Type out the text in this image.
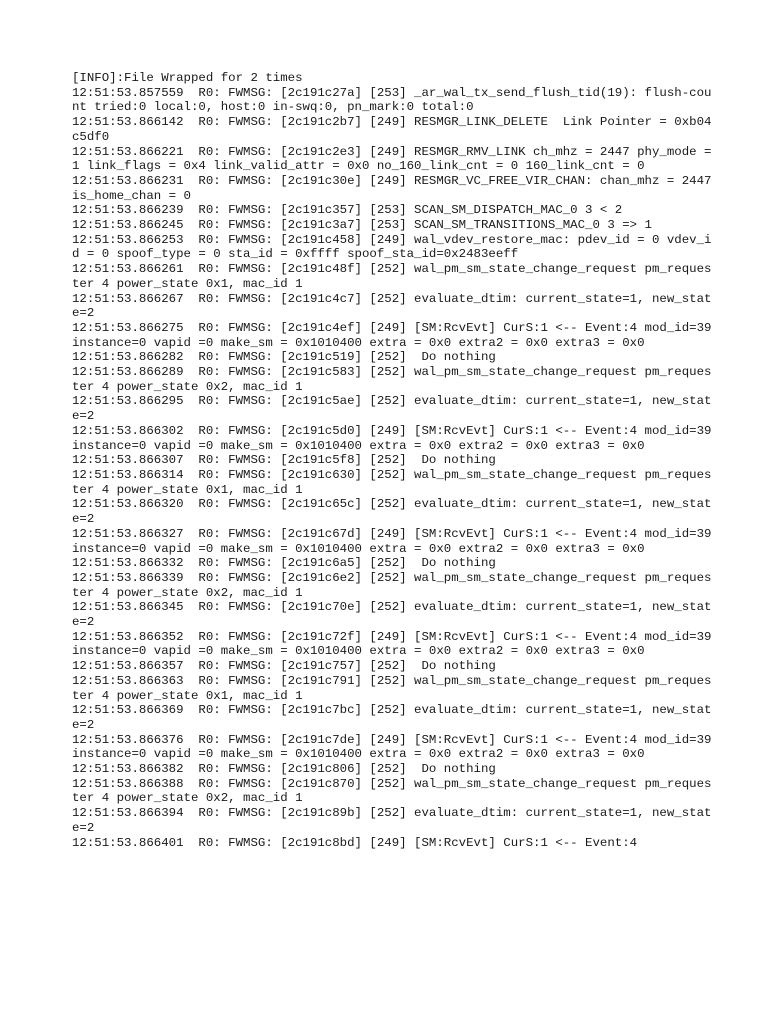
[INFO]:File Wrapped for 2 times
12:51:53.857559  R0: FWMSG: [2c191c27a] [253] _ar_wal_tx_send_flush_tid(19): flush-count tried:0 local:0, host:0 in-swq:0, pn_mark:0 total:0
12:51:53.866142  R0: FWMSG: [2c191c2b7] [249] RESMGR_LINK_DELETE  Link Pointer = 0xb04c5df0
12:51:53.866221  R0: FWMSG: [2c191c2e3] [249] RESMGR_RMV_LINK ch_mhz = 2447 phy_mode = 1 link_flags = 0x4 link_valid_attr = 0x0 no_160_link_cnt = 0 160_link_cnt = 0
12:51:53.866231  R0: FWMSG: [2c191c30e] [249] RESMGR_VC_FREE_VIR_CHAN: chan_mhz = 2447 is_home_chan = 0
12:51:53.866239  R0: FWMSG: [2c191c357] [253] SCAN_SM_DISPATCH_MAC_0 3 < 2
12:51:53.866245  R0: FWMSG: [2c191c3a7] [253] SCAN_SM_TRANSITIONS_MAC_0 3 => 1
12:51:53.866253  R0: FWMSG: [2c191c458] [249] wal_vdev_restore_mac: pdev_id = 0 vdev_id = 0 spoof_type = 0 sta_id = 0xffff spoof_sta_id=0x2483eeff
12:51:53.866261  R0: FWMSG: [2c191c48f] [252] wal_pm_sm_state_change_request pm_requester 4 power_state 0x1, mac_id 1
12:51:53.866267  R0: FWMSG: [2c191c4c7] [252] evaluate_dtim: current_state=1, new_state=2
12:51:53.866275  R0: FWMSG: [2c191c4ef] [249] [SM:RcvEvt] CurS:1 <-- Event:4 mod_id=39 instance=0 vapid =0 make_sm = 0x1010400 extra = 0x0 extra2 = 0x0 extra3 = 0x0
12:51:53.866282  R0: FWMSG: [2c191c519] [252]  Do nothing
12:51:53.866289  R0: FWMSG: [2c191c583] [252] wal_pm_sm_state_change_request pm_requester 4 power_state 0x2, mac_id 1
12:51:53.866295  R0: FWMSG: [2c191c5ae] [252] evaluate_dtim: current_state=1, new_state=2
12:51:53.866302  R0: FWMSG: [2c191c5d0] [249] [SM:RcvEvt] CurS:1 <-- Event:4 mod_id=39 instance=0 vapid =0 make_sm = 0x1010400 extra = 0x0 extra2 = 0x0 extra3 = 0x0
12:51:53.866307  R0: FWMSG: [2c191c5f8] [252]  Do nothing
12:51:53.866314  R0: FWMSG: [2c191c630] [252] wal_pm_sm_state_change_request pm_requester 4 power_state 0x1, mac_id 1
12:51:53.866320  R0: FWMSG: [2c191c65c] [252] evaluate_dtim: current_state=1, new_state=2
12:51:53.866327  R0: FWMSG: [2c191c67d] [249] [SM:RcvEvt] CurS:1 <-- Event:4 mod_id=39 instance=0 vapid =0 make_sm = 0x1010400 extra = 0x0 extra2 = 0x0 extra3 = 0x0
12:51:53.866332  R0: FWMSG: [2c191c6a5] [252]  Do nothing
12:51:53.866339  R0: FWMSG: [2c191c6e2] [252] wal_pm_sm_state_change_request pm_requester 4 power_state 0x2, mac_id 1
12:51:53.866345  R0: FWMSG: [2c191c70e] [252] evaluate_dtim: current_state=1, new_state=2
12:51:53.866352  R0: FWMSG: [2c191c72f] [249] [SM:RcvEvt] CurS:1 <-- Event:4 mod_id=39 instance=0 vapid =0 make_sm = 0x1010400 extra = 0x0 extra2 = 0x0 extra3 = 0x0
12:51:53.866357  R0: FWMSG: [2c191c757] [252]  Do nothing
12:51:53.866363  R0: FWMSG: [2c191c791] [252] wal_pm_sm_state_change_request pm_requester 4 power_state 0x1, mac_id 1
12:51:53.866369  R0: FWMSG: [2c191c7bc] [252] evaluate_dtim: current_state=1, new_state=2
12:51:53.866376  R0: FWMSG: [2c191c7de] [249] [SM:RcvEvt] CurS:1 <-- Event:4 mod_id=39 instance=0 vapid =0 make_sm = 0x1010400 extra = 0x0 extra2 = 0x0 extra3 = 0x0
12:51:53.866382  R0: FWMSG: [2c191c806] [252]  Do nothing
12:51:53.866388  R0: FWMSG: [2c191c870] [252] wal_pm_sm_state_change_request pm_requester 4 power_state 0x2, mac_id 1
12:51:53.866394  R0: FWMSG: [2c191c89b] [252] evaluate_dtim: current_state=1, new_state=2
12:51:53.866401  R0: FWMSG: [2c191c8bd] [249] [SM:RcvEvt] CurS:1 <-- Event:4
